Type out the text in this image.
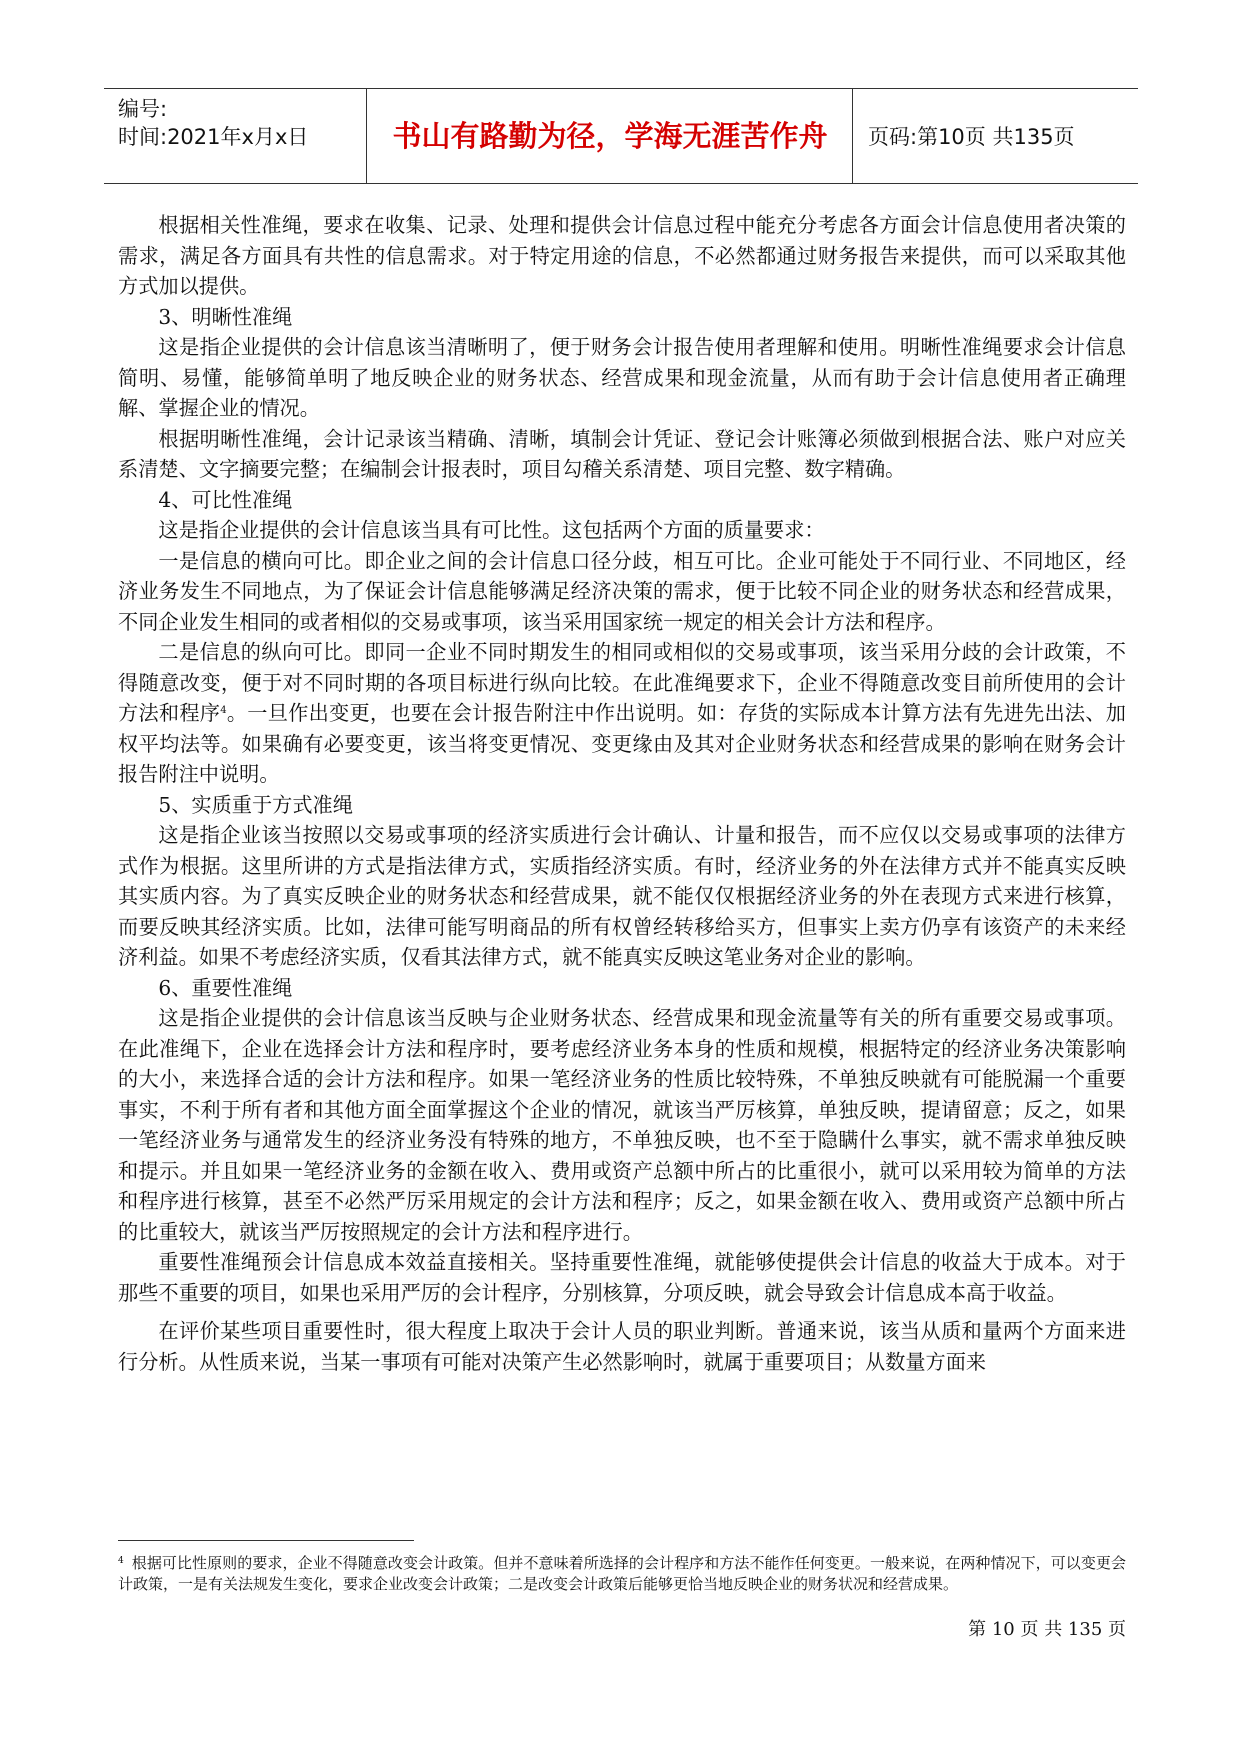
编号:
时间:2021年x月x日	书山有路勤为径，学海无涯苦作舟	页码:第10页 共135页

根据相关性准绳，要求在收集、记录、处理和提供会计信息过程中能充分考虑各方面会计信息使用者决策的需求，满足各方面具有共性的信息需求。对于特定用途的信息，不必然都通过财务报告来提供，而可以采取其他方式加以提供。

3、明晰性准绳

这是指企业提供的会计信息该当清晰明了，便于财务会计报告使用者理解和使用。明晰性准绳要求会计信息简明、易懂，能够简单明了地反映企业的财务状态、经营成果和现金流量，从而有助于会计信息使用者正确理解、掌握企业的情况。

根据明晰性准绳，会计记录该当精确、清晰，填制会计凭证、登记会计账簿必须做到根据合法、账户对应关系清楚、文字摘要完整；在编制会计报表时，项目勾稽关系清楚、项目完整、数字精确。

4、可比性准绳

这是指企业提供的会计信息该当具有可比性。这包括两个方面的质量要求：

一是信息的横向可比。即企业之间的会计信息口径分歧，相互可比。企业可能处于不同行业、不同地区，经济业务发生不同地点，为了保证会计信息能够满足经济决策的需求，便于比较不同企业的财务状态和经营成果，不同企业发生相同的或者相似的交易或事项，该当采用国家统一规定的相关会计方法和程序。

二是信息的纵向可比。即同一企业不同时期发生的相同或相似的交易或事项，该当采用分歧的会计政策，不得随意改变，便于对不同时期的各项目标进行纵向比较。在此准绳要求下，企业不得随意改变目前所使用的会计方法和程序$^4$。一旦作出变更，也要在会计报告附注中作出说明。如：存货的实际成本计算方法有先进先出法、加权平均法等。如果确有必要变更，该当将变更情况、变更缘由及其对企业财务状态和经营成果的影响在财务会计报告附注中说明。

5、实质重于方式准绳

这是指企业该当按照以交易或事项的经济实质进行会计确认、计量和报告，而不应仅以交易或事项的法律方式作为根据。这里所讲的方式是指法律方式，实质指经济实质。有时，经济业务的外在法律方式并不能真实反映其实质内容。为了真实反映企业的财务状态和经营成果，就不能仅仅根据经济业务的外在表现方式来进行核算，而要反映其经济实质。比如，法律可能写明商品的所有权曾经转移给买方，但事实上卖方仍享有该资产的未来经济利益。如果不考虑经济实质，仅看其法律方式，就不能真实反映这笔业务对企业的影响。

6、重要性准绳

这是指企业提供的会计信息该当反映与企业财务状态、经营成果和现金流量等有关的所有重要交易或事项。在此准绳下，企业在选择会计方法和程序时，要考虑经济业务本身的性质和规模，根据特定的经济业务决策影响的大小，来选择合适的会计方法和程序。如果一笔经济业务的性质比较特殊，不单独反映就有可能脱漏一个重要事实，不利于所有者和其他方面全面掌握这个企业的情况，就该当严厉核算，单独反映，提请留意；反之，如果一笔经济业务与通常发生的经济业务没有特殊的地方，不单独反映，也不至于隐瞒什么事实，就不需求单独反映和提示。并且如果一笔经济业务的金额在收入、费用或资产总额中所占的比重很小，就可以采用较为简单的方法和程序进行核算，甚至不必然严厉采用规定的会计方法和程序；反之，如果金额在收入、费用或资产总额中所占的比重较大，就该当严厉按照规定的会计方法和程序进行。

重要性准绳预会计信息成本效益直接相关。坚持重要性准绳，就能够使提供会计信息的收益大于成本。对于那些不重要的项目，如果也采用严厉的会计程序，分别核算，分项反映，就会导致会计信息成本高于收益。

在评价某些项目重要性时，很大程度上取决于会计人员的职业判断。普通来说，该当从质和量两个方面来进行分析。从性质来说，当某一事项有可能对决策产生必然影响时，就属于重要项目；从数量方面来

$^4$ 根据可比性原则的要求，企业不得随意改变会计政策。但并不意味着所选择的会计程序和方法不能作任何变更。一般来说，在两种情况下，可以变更会计政策，一是有关法规发生变化，要求企业改变会计政策；二是改变会计政策后能够更恰当地反映企业的财务状况和经营成果。
第 10 页 共 135 页
